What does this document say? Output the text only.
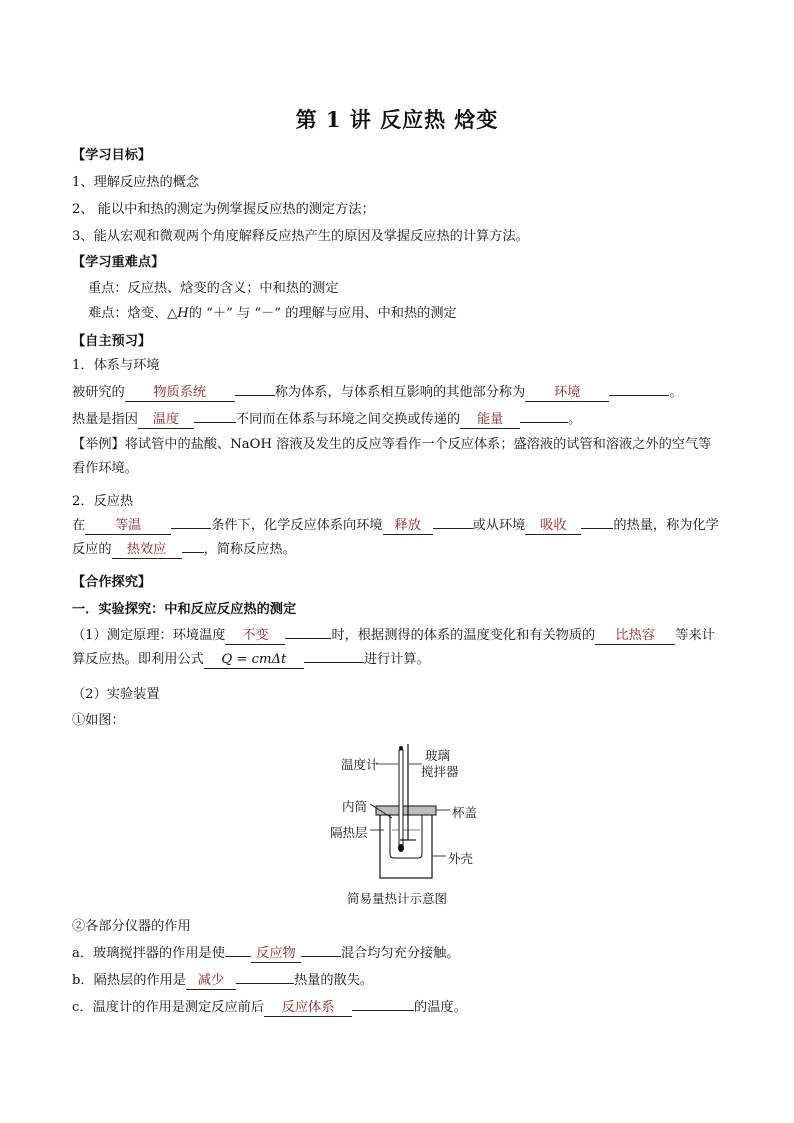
第 1 讲 反应热 焓变
【学习目标】
1、理解反应热的概念
2、 能以中和热的测定为例掌握反应热的测定方法；
3、能从宏观和微观两个角度解释反应热产生的原因及掌握反应热的计算方法。
【学习重难点】
重点：反应热、焓变的含义；中和热的测定
难点：焓变、△H的 “＋” 与 “－” 的理解与应用、中和热的测定
【自主预习】
1．体系与环境
被研究的 物质系统	称为体系，与体系相互影响的其他部分称为 环境	。
热量是指因 温度	不同而在体系与环境之间交换或传递的 能量	。
【举例】将试管中的盐酸、NaOH 溶液及发生的反应等看作一个反应体系；盛溶液的试管和溶液之外的空气等看作环境。
2．反应热
在 等温	条件下，化学反应体系向环境 释放	或从环境 吸收	的热量，称为化学反应的 热效应	，简称反应热。
【合作探究】
一．实验探究：中和反应反应热的测定
（1）测定原理：环境温度 不变	时，根据测得的体系的温度变化和有关物质的 比热容 等来计算反应热。即利用公式 Q = cmΔt	进行计算。
（2）实验装置
①如图：
温度计
玻璃
搅拌器
内筒	杯盖
隔热层
外壳
简易量热计示意图
②各部分仪器的作用
a．玻璃搅拌器的作用是使 反应物	混合均匀充分接触。
b．隔热层的作用是 减少	热量的散失。
c．温度计的作用是测定反应前后 反应体系	的温度。
